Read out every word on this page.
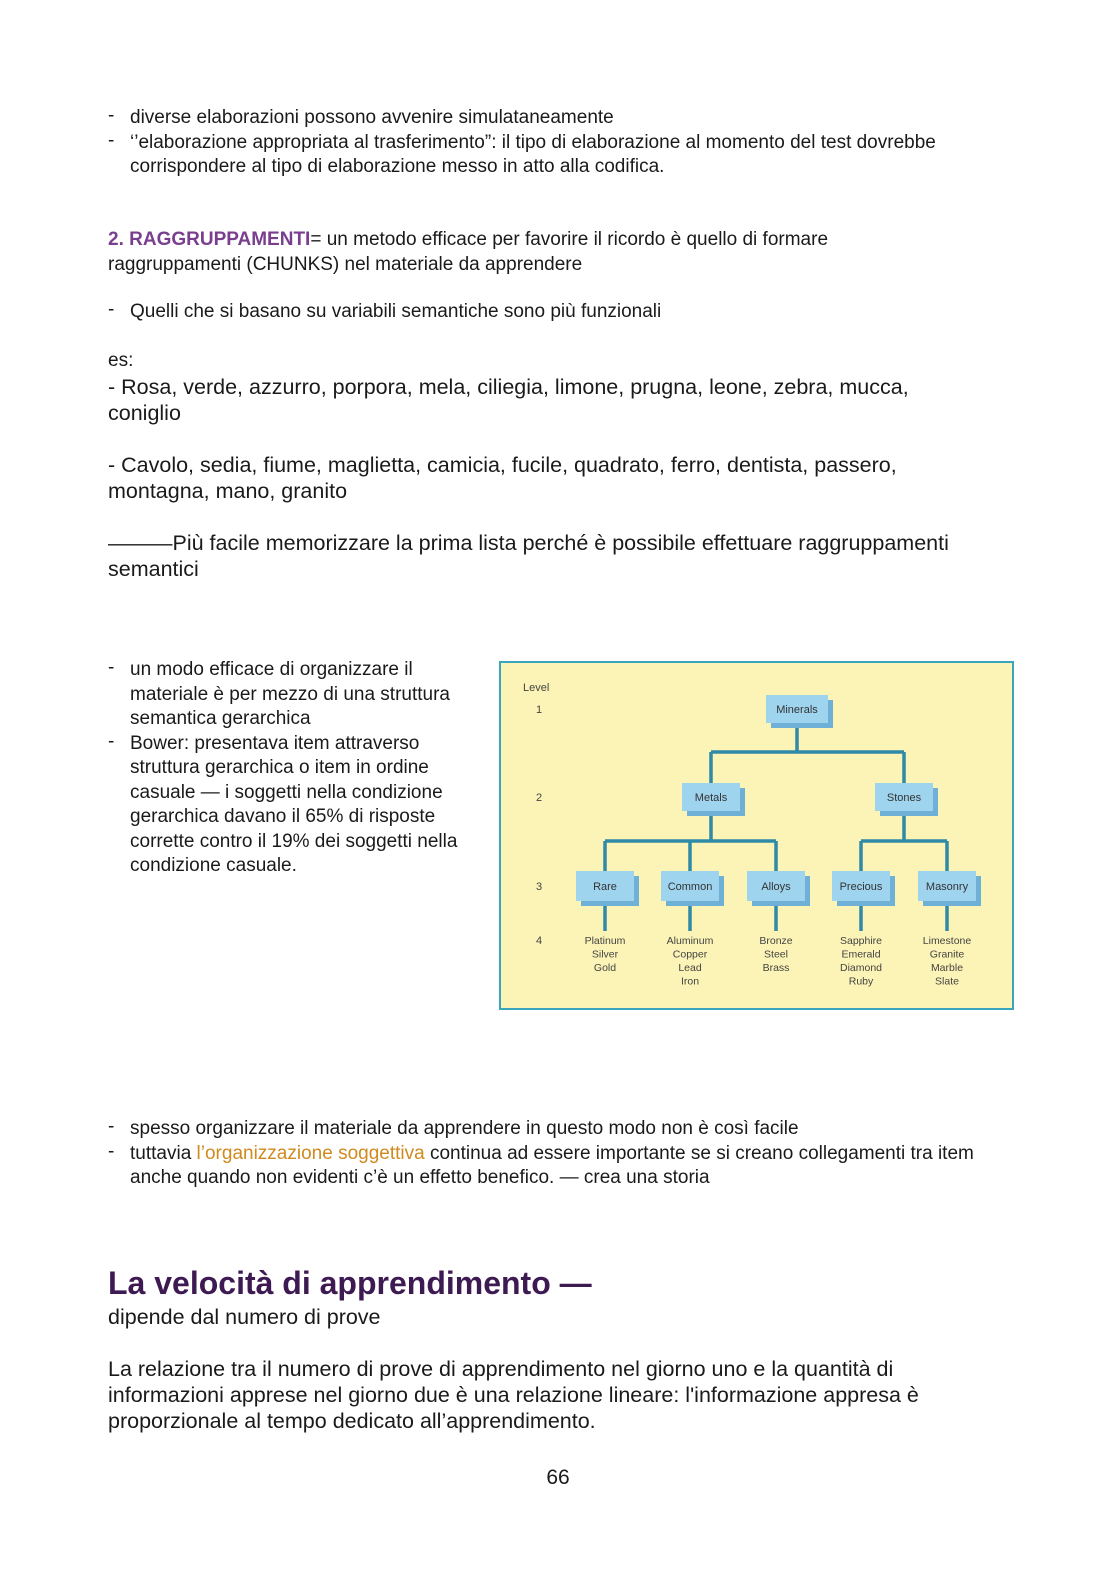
- diverse elaborazioni possono avvenire simulataneamente
- ‘’elaborazione appropriata al trasferimento”: il tipo di elaborazione al momento del test dovrebbe corrispondere al tipo di elaborazione messo in atto alla codifica.
2. RAGGRUPPAMENTI= un metodo efficace per favorire il ricordo è quello di formare raggruppamenti (CHUNKS) nel materiale da apprendere
- Quelli che si basano su variabili semantiche sono più funzionali
es:
- Rosa, verde, azzurro, porpora, mela, ciliegia, limone, prugna, leone, zebra, mucca, coniglio
- Cavolo, sedia, fiume, maglietta, camicia, fucile, quadrato, ferro, dentista, passero, montagna, mano, granito
———Più facile memorizzare la prima lista perché è possibile effettuare raggruppamenti semantici
- un modo efficace di organizzare il materiale è per mezzo di una struttura semantica gerarchica
- Bower: presentava item attraverso struttura gerarchica o item in ordine casuale — i soggetti nella condizione gerarchica davano il 65% di risposte corrette contro il 19% dei soggetti nella condizione casuale.
Level
1
2
3
4
Minerals
Metals	Stones
Rare	Common	Alloys	Precious	Masonry
Platinum
Silver
Gold
Aluminum
Copper
Lead
Iron
Bronze
Steel
Brass
Sapphire
Emerald
Diamond
Ruby
Limestone
Granite
Marble
Slate
- spesso organizzare il materiale da apprendere in questo modo non è così facile
- tuttavia l’organizzazione soggettiva continua ad essere importante se si creano collegamenti tra item anche quando non evidenti c’è un effetto benefico. — crea una storia
La velocità di apprendimento —
dipende dal numero di prove
La relazione tra il numero di prove di apprendimento nel giorno uno e la quantità di informazioni apprese nel giorno due è una relazione lineare: l'informazione appresa è proporzionale al tempo dedicato all’apprendimento.
66
